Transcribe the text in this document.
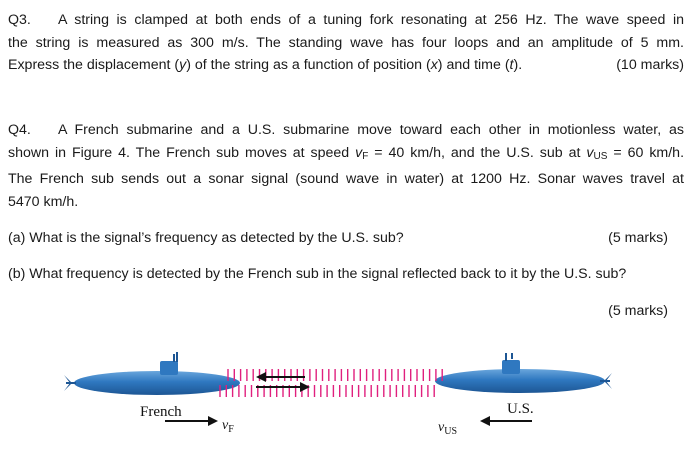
Q3. A string is clamped at both ends of a tuning fork resonating at 256 Hz. The wave speed in
the string is measured as 300 m/s. The standing wave has four loops and an amplitude of 5 mm.
Express the displacement (y) of the string as a function of position (x) and time (t).	(10 marks)
Q4. A French submarine and a U.S. submarine move toward each other in motionless water, as
shown in Figure 4. The French sub moves at speed $v_F = 40$ km/h, and the U.S. sub at $v_{US} = 60$ km/h.
The French sub sends out a sonar signal (sound wave in water) at 1200 Hz. Sonar waves travel at
5470 km/h.
(a) What is the signal’s frequency as detected by the U.S. sub?	(5 marks)
(b) What frequency is detected by the French sub in the signal reflected back to it by the U.S. sub?
(5 marks)
French	U.S.
$v_F$	$v_{US}$
